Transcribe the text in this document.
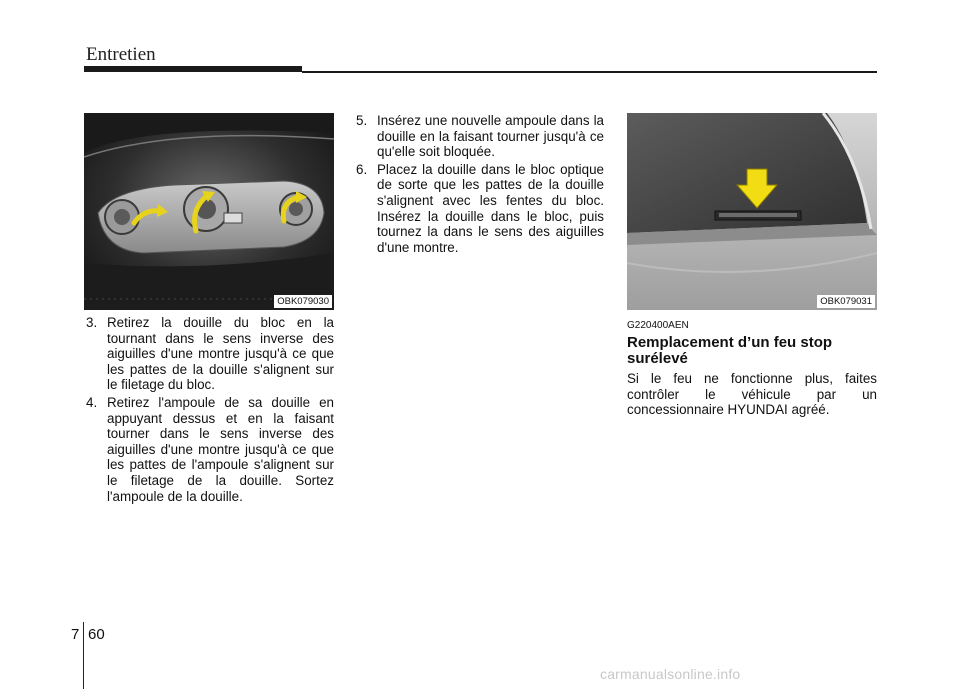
Entretien
OBK079030	OBK079031
3. Retirez la douille du bloc en la tournant dans le sens inverse des aiguilles d'une montre jusqu'à ce que les pattes de la douille s'alignent sur le filetage du bloc.
4. Retirez l'ampoule de sa douille en appuyant dessus et en la faisant tourner dans le sens inverse des aiguilles d'une montre jusqu'à ce que les pattes de l'ampoule s'alignent sur le filetage de la douille. Sortez l'ampoule de la douille.
5. Insérez une nouvelle ampoule dans la douille en la faisant tourner jusqu'à ce qu'elle soit bloquée.
6. Placez la douille dans le bloc optique de sorte que les pattes de la douille s'alignent avec les fentes du bloc. Insérez la douille dans le bloc, puis tournez la dans le sens des aiguilles d'une montre.
G220400AEN
Remplacement d’un feu stop surélevé
Si le feu ne fonctionne plus, faites contrôler le véhicule par un concessionnaire HYUNDAI agréé.
7 60
carmanualsonline.info
